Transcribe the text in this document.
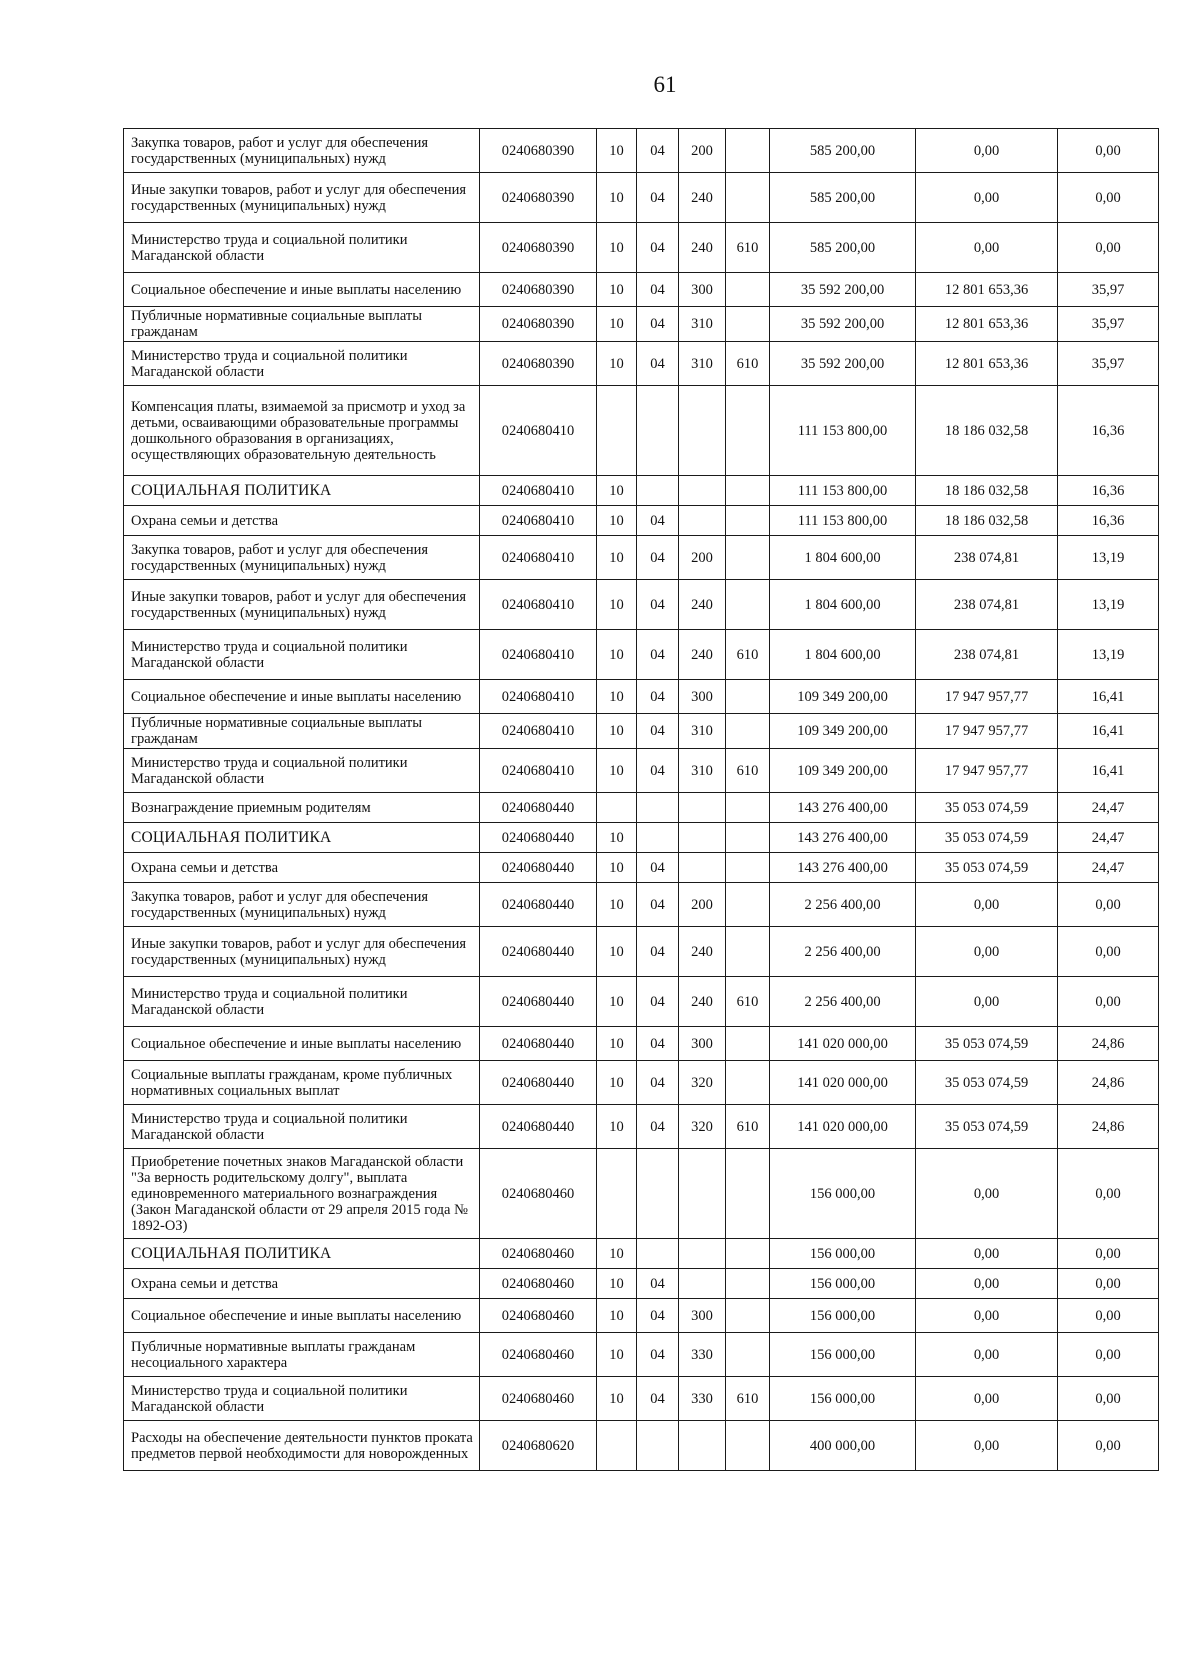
61
Закупка товаров, работ и услуг для обеспечения государственных (муниципальных) нужд	0240680390	10	04	200		585 200,00	0,00	0,00
Иные закупки товаров, работ и услуг для обеспечения государственных (муниципальных) нужд	0240680390	10	04	240		585 200,00	0,00	0,00
Министерство труда и социальной политики Магаданской области	0240680390	10	04	240	610	585 200,00	0,00	0,00
Социальное обеспечение и иные выплаты населению	0240680390	10	04	300		35 592 200,00	12 801 653,36	35,97
Публичные нормативные социальные выплаты гражданам	0240680390	10	04	310		35 592 200,00	12 801 653,36	35,97
Министерство труда и социальной политики Магаданской области	0240680390	10	04	310	610	35 592 200,00	12 801 653,36	35,97
Компенсация платы, взимаемой за присмотр и уход за детьми, осваивающими образовательные программы дошкольного образования в организациях, осуществляющих образовательную деятельность	0240680410					111 153 800,00	18 186 032,58	16,36
СОЦИАЛЬНАЯ ПОЛИТИКА	0240680410	10				111 153 800,00	18 186 032,58	16,36
Охрана семьи и детства	0240680410	10	04			111 153 800,00	18 186 032,58	16,36
Закупка товаров, работ и услуг для обеспечения государственных (муниципальных) нужд	0240680410	10	04	200		1 804 600,00	238 074,81	13,19
Иные закупки товаров, работ и услуг для обеспечения государственных (муниципальных) нужд	0240680410	10	04	240		1 804 600,00	238 074,81	13,19
Министерство труда и социальной политики Магаданской области	0240680410	10	04	240	610	1 804 600,00	238 074,81	13,19
Социальное обеспечение и иные выплаты населению	0240680410	10	04	300		109 349 200,00	17 947 957,77	16,41
Публичные нормативные социальные выплаты гражданам	0240680410	10	04	310		109 349 200,00	17 947 957,77	16,41
Министерство труда и социальной политики Магаданской области	0240680410	10	04	310	610	109 349 200,00	17 947 957,77	16,41
Вознаграждение приемным родителям	0240680440					143 276 400,00	35 053 074,59	24,47
СОЦИАЛЬНАЯ ПОЛИТИКА	0240680440	10				143 276 400,00	35 053 074,59	24,47
Охрана семьи и детства	0240680440	10	04			143 276 400,00	35 053 074,59	24,47
Закупка товаров, работ и услуг для обеспечения государственных (муниципальных) нужд	0240680440	10	04	200		2 256 400,00	0,00	0,00
Иные закупки товаров, работ и услуг для обеспечения государственных (муниципальных) нужд	0240680440	10	04	240		2 256 400,00	0,00	0,00
Министерство труда и социальной политики Магаданской области	0240680440	10	04	240	610	2 256 400,00	0,00	0,00
Социальное обеспечение и иные выплаты населению	0240680440	10	04	300		141 020 000,00	35 053 074,59	24,86
Социальные выплаты гражданам, кроме публичных нормативных социальных выплат	0240680440	10	04	320		141 020 000,00	35 053 074,59	24,86
Министерство труда и социальной политики Магаданской области	0240680440	10	04	320	610	141 020 000,00	35 053 074,59	24,86
Приобретение почетных знаков Магаданской области "За верность родительскому долгу", выплата единовременного материального вознаграждения (Закон Магаданской области от 29 апреля 2015 года № 1892-ОЗ)	0240680460					156 000,00	0,00	0,00
СОЦИАЛЬНАЯ ПОЛИТИКА	0240680460	10				156 000,00	0,00	0,00
Охрана семьи и детства	0240680460	10	04			156 000,00	0,00	0,00
Социальное обеспечение и иные выплаты населению	0240680460	10	04	300		156 000,00	0,00	0,00
Публичные нормативные выплаты гражданам несоциального характера	0240680460	10	04	330		156 000,00	0,00	0,00
Министерство труда и социальной политики Магаданской области	0240680460	10	04	330	610	156 000,00	0,00	0,00
Расходы на обеспечение деятельности пунктов проката предметов первой необходимости для новорожденных	0240680620					400 000,00	0,00	0,00
